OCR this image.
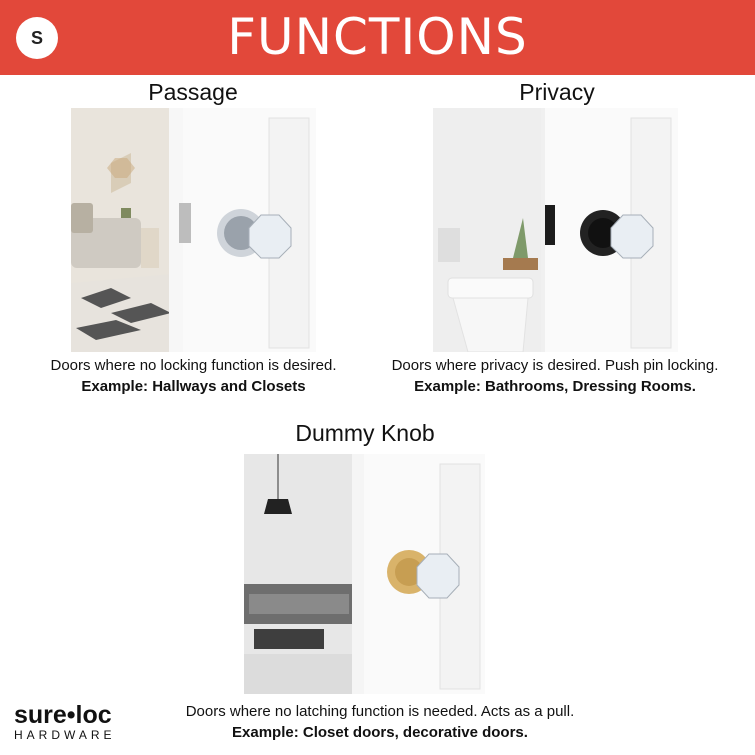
S	FUNCTIONS
Passage
Doors where no locking function is desired.
Example: Hallways and Closets
Privacy
Doors where privacy is desired. Push pin locking.
Example: Bathrooms, Dressing Rooms.
Dummy Knob
Doors where no latching function is needed. Acts as a pull.
Example: Closet doors, decorative doors.
sure•loc
HARDWARE
